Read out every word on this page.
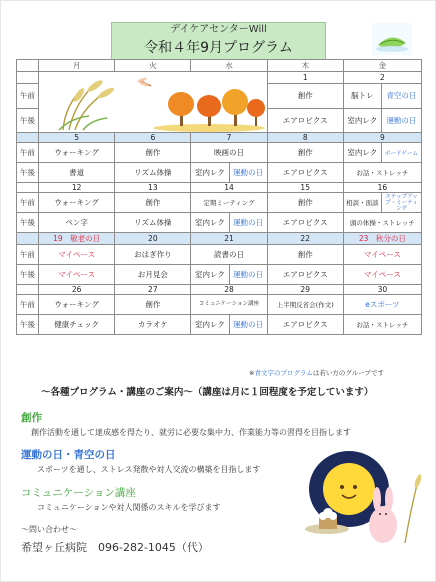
デイケアセンターWill
令和４年9月プログラム
	月	火	水		木	金	

	1	2	
午前					創作	脳トレ	青空の日
午後					エアロビクス	室内レク	運動の日
	5	6	7		8	9	
午前	ウォーキング	創作	映画の日		創作	室内レク	ボードゲーム
午後	書道	リズム体操	室内レク	運動の日	エアロビクス	お話・ストレッチ	
	12	13	14		15	16	
午前	ウォーキング	創作	定期ミーティング		創作	相談・面談	ステップアップ・ミーティング
午後	ペン字	リズム体操	室内レク	運動の日	エアロビクス	頭の体操・ストレッチ	
	19　敬老の日	20	21		22	23　秋分の日	
午前	マイペース	おはぎ作り	読書の日		創作	マイペース	
午後	マイペース	お月見会	室内レク	運動の日	エアロビクス	マイペース	
	26	27	28		29	30	
午前	ウォーキング	創作	コミュニケーション講座		上半期反省会(作文)	eスポーツ	
午後	健康チェック	カラオケ	室内レク	運動の日	エアロビクス	お話・ストレッチ	
※青文字のプログラムは若い方のグループです
～各種プログラム・講座のご案内～（講座は月に１回程度を予定しています）
創作
創作活動を通して達成感を得たり、就労に必要な集中力、作業能力等の習得を目指します
運動の日・青空の日
スポーツを通し、ストレス発散や対人交流の構築を目指します
コミュニケーション講座
コミュニケーションや対人関係のスキルを学びます
～問い合わせ～
希望ヶ丘病院　096-282-1045（代）
